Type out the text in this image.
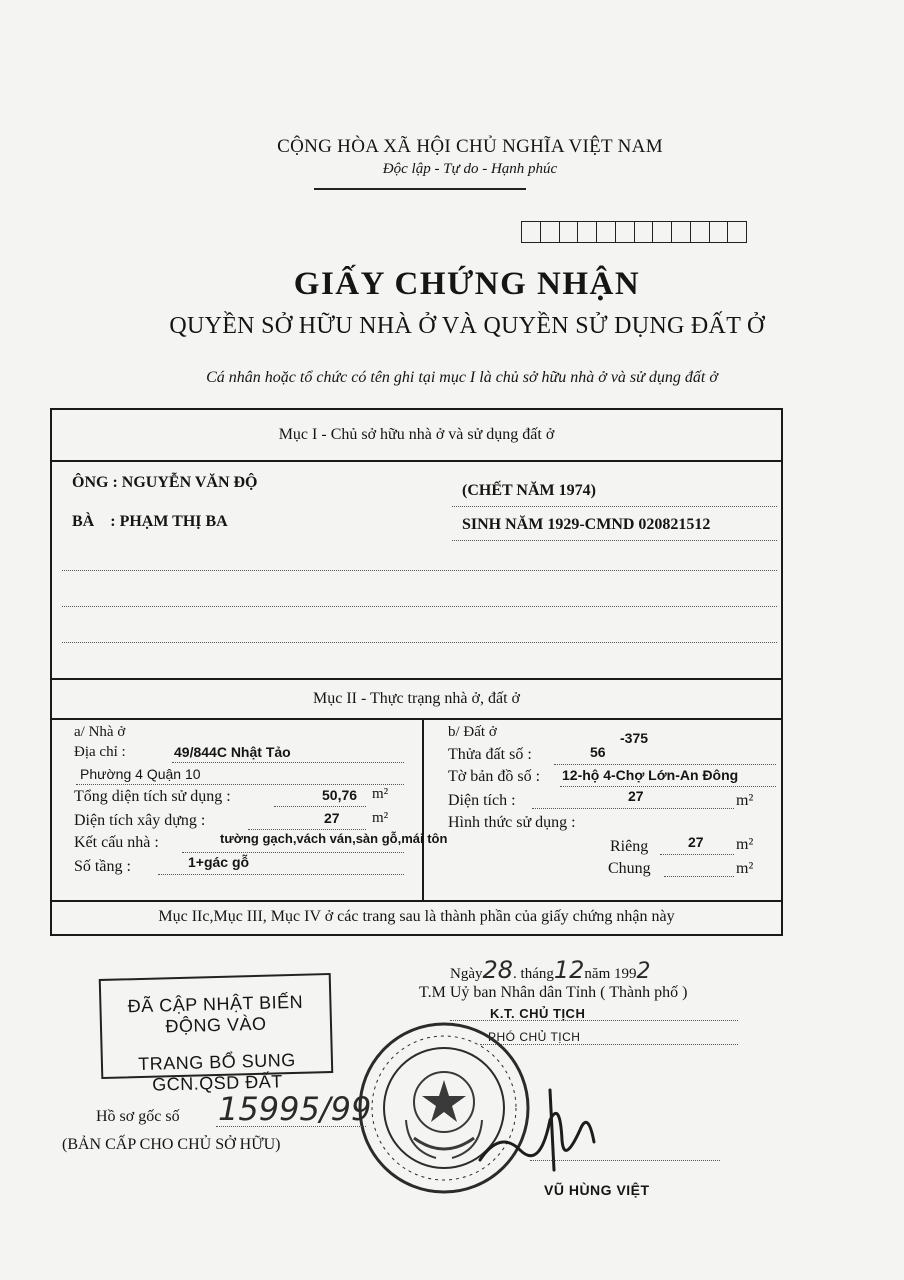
CỘNG HÒA XÃ HỘI CHỦ NGHĨA VIỆT NAM
Độc lập - Tự do - Hạnh phúc
GIẤY CHỨNG NHẬN
QUYỀN SỞ HỮU NHÀ Ở VÀ QUYỀN SỬ DỤNG ĐẤT Ở
Cá nhân hoặc tổ chức có tên ghi tại mục I là chủ sở hữu nhà ở và sử dụng đất ở
Mục I - Chủ sở hữu nhà ở và sử dụng đất ở
ÔNG : NGUYỄN VĂN ĐỘ	(CHẾT NĂM 1974)
BÀ : PHẠM THỊ BA	SINH NĂM 1929-CMND 020821512
Mục II - Thực trạng nhà ở, đất ở
a/ Nhà ở
Địa chỉ :	49/844C Nhật Tảo
Phường 4 Quận 10
Tổng diện tích sử dụng :	50,76 m²
Diện tích xây dựng :	27 m²
Kết cấu nhà :	tường gạch,vách ván,sàn gỗ,mái tôn
Số tầng :	1+gác gỗ
b/ Đất ở	-375
Thửa đất số :	56
Tờ bản đồ số : 12-hộ 4-Chợ Lớn-An Đông
Diện tích :	27	m²
Hình thức sử dụng :
Riêng	27 m²
Chung	m²
Mục IIc,Mục III, Mục IV ở các trang sau là thành phần của giấy chứng nhận này
Ngày28. tháng12năm 1992
T.M Uỷ ban Nhân dân Tỉnh ( Thành phố )
K.T. CHỦ TỊCH
PHÓ CHỦ TỊCH
VŨ HÙNG VIỆT
ĐÃ CẬP NHẬT BIẾN ĐỘNG VÀO
TRANG BỔ SUNG GCN.QSD ĐẤT
Hồ sơ gốc số 15995/99
(BẢN CẤP CHO CHỦ SỞ HỮU)
